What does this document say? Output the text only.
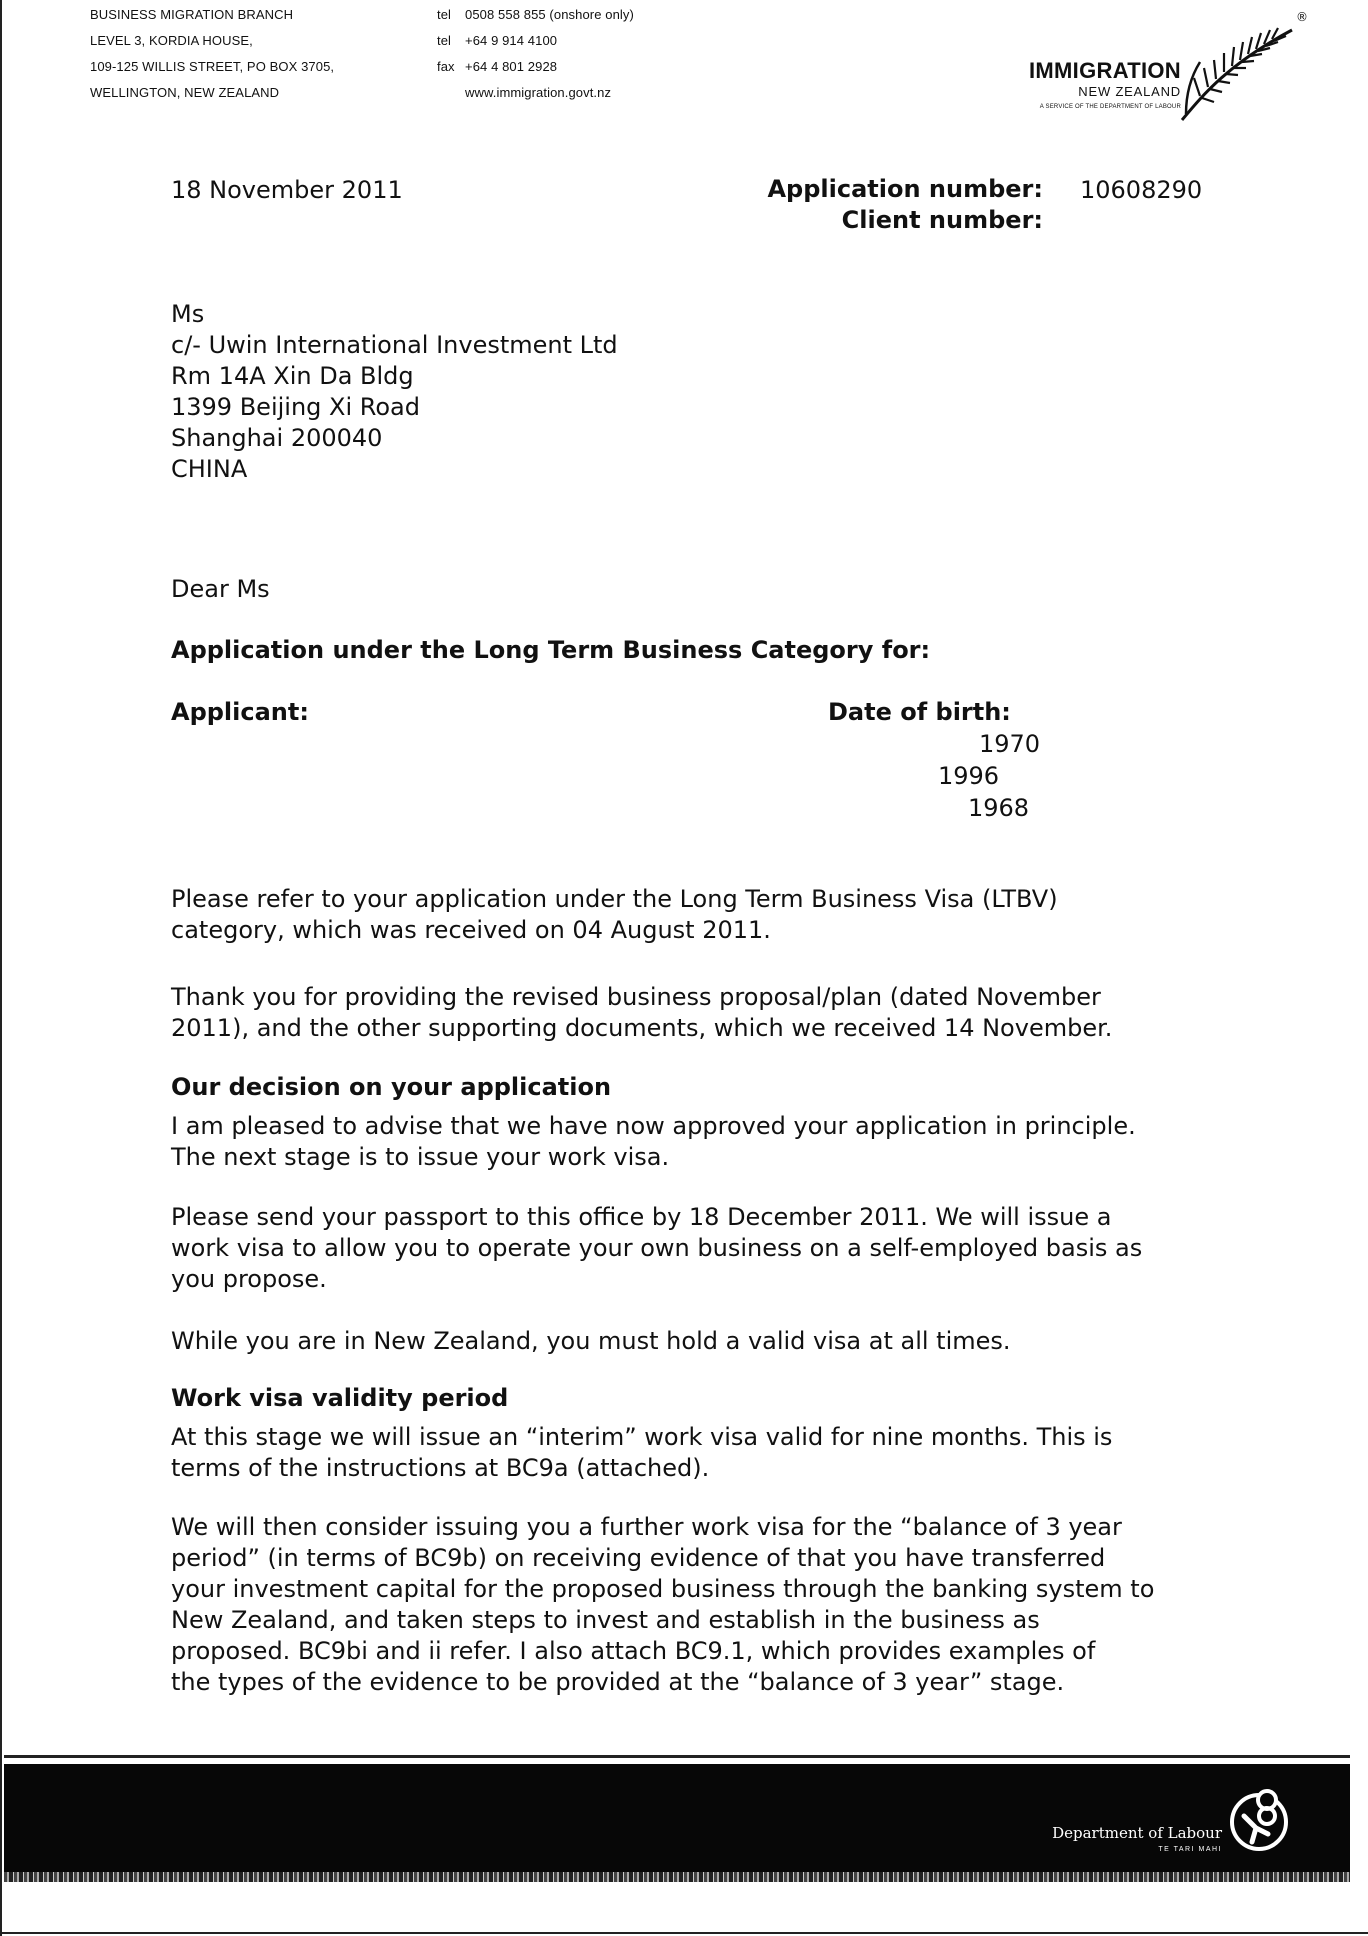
BUSINESS MIGRATION BRANCH
LEVEL 3, KORDIA HOUSE,
109-125 WILLIS STREET, PO BOX 3705,
WELLINGTON, NEW ZEALAND
tel 0508 558 855 (onshore only)
tel +64 9 914 4100
fax +64 4 801 2928
www.immigration.govt.nz
IMMIGRATION
NEW ZEALAND
A SERVICE OF THE DEPARTMENT OF LABOUR
®
18 November 2011	Application number:
Client number:
10608290
Ms
c/- Uwin International Investment Ltd
Rm 14A Xin Da Bldg
1399 Beijing Xi Road
Shanghai 200040
CHINA
Dear Ms
Application under the Long Term Business Category for:
Applicant:	Date of birth:
1970
1996
1968
Please refer to your application under the Long Term Business Visa (LTBV)
category, which was received on 04 August 2011.
Thank you for providing the revised business proposal/plan (dated November
2011), and the other supporting documents, which we received 14 November.
Our decision on your application
I am pleased to advise that we have now approved your application in principle.
The next stage is to issue your work visa.
Please send your passport to this office by 18 December 2011. We will issue a
work visa to allow you to operate your own business on a self-employed basis as
you propose.
While you are in New Zealand, you must hold a valid visa at all times.
Work visa validity period
At this stage we will issue an “interim” work visa valid for nine months. This is
terms of the instructions at BC9a (attached).
We will then consider issuing you a further work visa for the “balance of 3 year
period” (in terms of BC9b) on receiving evidence of that you have transferred
your investment capital for the proposed business through the banking system to
New Zealand, and taken steps to invest and establish in the business as
proposed. BC9bi and ii refer. I also attach BC9.1, which provides examples of
the types of the evidence to be provided at the “balance of 3 year” stage.
Department of Labour
TE TARI MAHI
